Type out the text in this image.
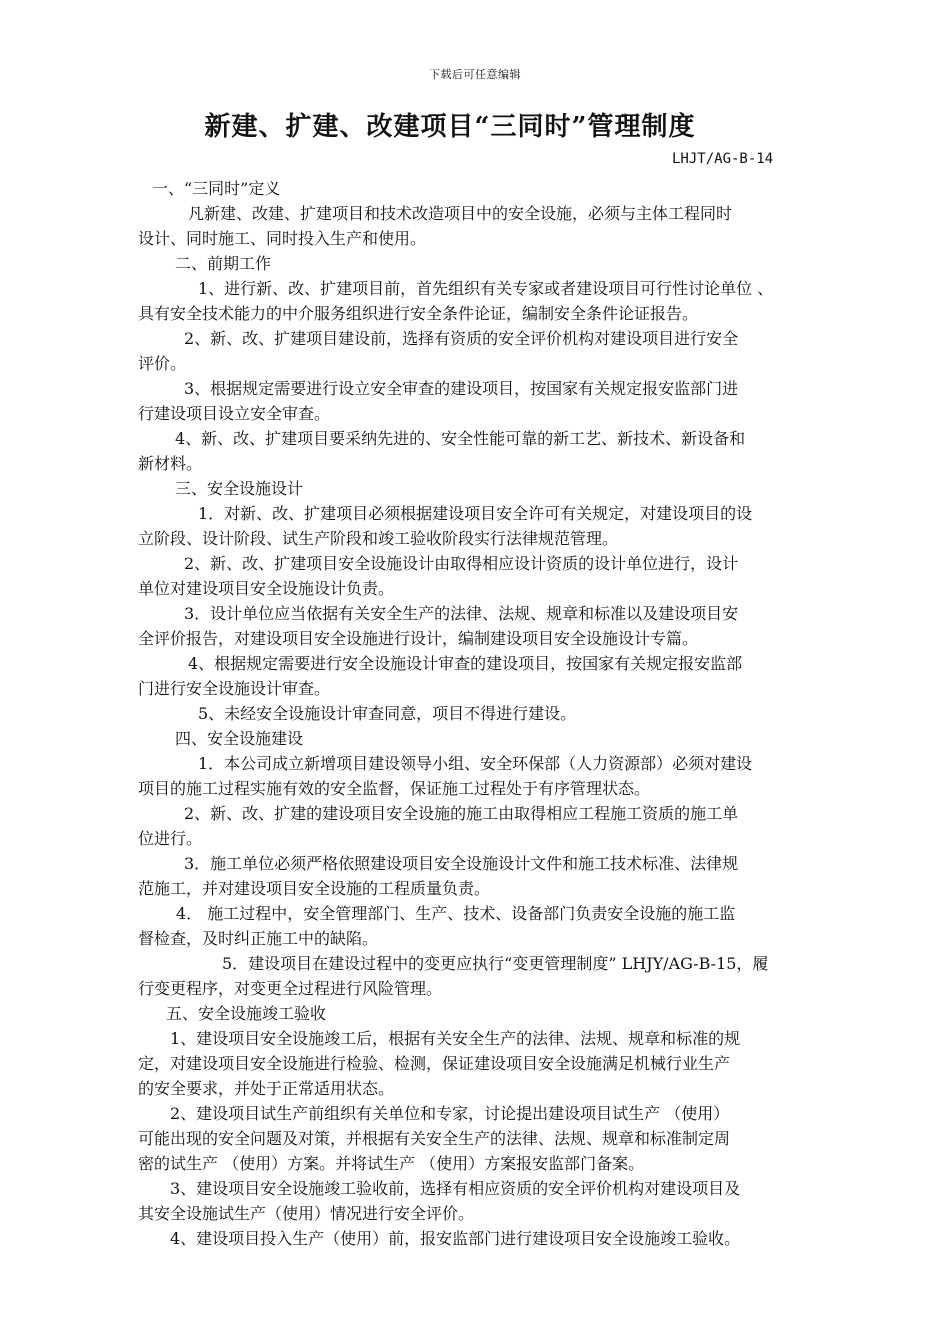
下载后可任意编辑
新建、扩建、改建项目“三同时”管理制度
LHJT/AG-B-14
一、“三同时”定义
凡新建、改建、扩建项目和技术改造项目中的安全设施，必须与主体工程同时
设计、同时施工、同时投入生产和使用。
二、前期工作
1、进行新、改、扩建项目前，首先组织有关专家或者建设项目可行性讨论单位 、
具有安全技术能力的中介服务组织进行安全条件论证，编制安全条件论证报告。
2、新、改、扩建项目建设前，选择有资质的安全评价机构对建设项目进行安全
评价。
3、根据规定需要进行设立安全审查的建设项目，按国家有关规定报安监部门进
行建设项目设立安全审查。
4、新、改、扩建项目要采纳先进的、安全性能可靠的新工艺、新技术、新设备和
新材料。
三、安全设施设计
1．对新、改、扩建项目必须根据建设项目安全许可有关规定，对建设项目的设
立阶段、设计阶段、试生产阶段和竣工验收阶段实行法律规范管理。
2、新、改、扩建项目安全设施设计由取得相应设计资质的设计单位进行，设计
单位对建设项目安全设施设计负责。
3．设计单位应当依据有关安全生产的法律、法规、规章和标准以及建设项目安
全评价报告，对建设项目安全设施进行设计，编制建设项目安全设施设计专篇。
4、根据规定需要进行安全设施设计审查的建设项目，按国家有关规定报安监部
门进行安全设施设计审查。
5、未经安全设施设计审查同意，项目不得进行建设。
四、安全设施建设
1．本公司成立新增项目建设领导小组、安全环保部（人力资源部）必须对建设
项目的施工过程实施有效的安全监督，保证施工过程处于有序管理状态。
2、新、改、扩建的建设项目安全设施的施工由取得相应工程施工资质的施工单
位进行。
3．施工单位必须严格依照建设项目安全设施设计文件和施工技术标准、法律规
范施工，并对建设项目安全设施的工程质量负责。
4． 施工过程中，安全管理部门、生产、技术、设备部门负责安全设施的施工监
督检查，及时纠正施工中的缺陷。
5．建设项目在建设过程中的变更应执行“变更管理制度” LHJY/AG-B-15，履
行变更程序，对变更全过程进行风险管理。
五、安全设施竣工验收
1、建设项目安全设施竣工后，根据有关安全生产的法律、法规、规章和标准的规
定，对建设项目安全设施进行检验、检测，保证建设项目安全设施满足机械行业生产
的安全要求，并处于正常适用状态。
2、建设项目试生产前组织有关单位和专家，讨论提出建设项目试生产 （使用）
可能出现的安全问题及对策，并根据有关安全生产的法律、法规、规章和标准制定周
密的试生产 （使用）方案。并将试生产 （使用）方案报安监部门备案。
3、建设项目安全设施竣工验收前，选择有相应资质的安全评价机构对建设项目及
其安全设施试生产（使用）情况进行安全评价。
4、建设项目投入生产（使用）前，报安监部门进行建设项目安全设施竣工验收。
